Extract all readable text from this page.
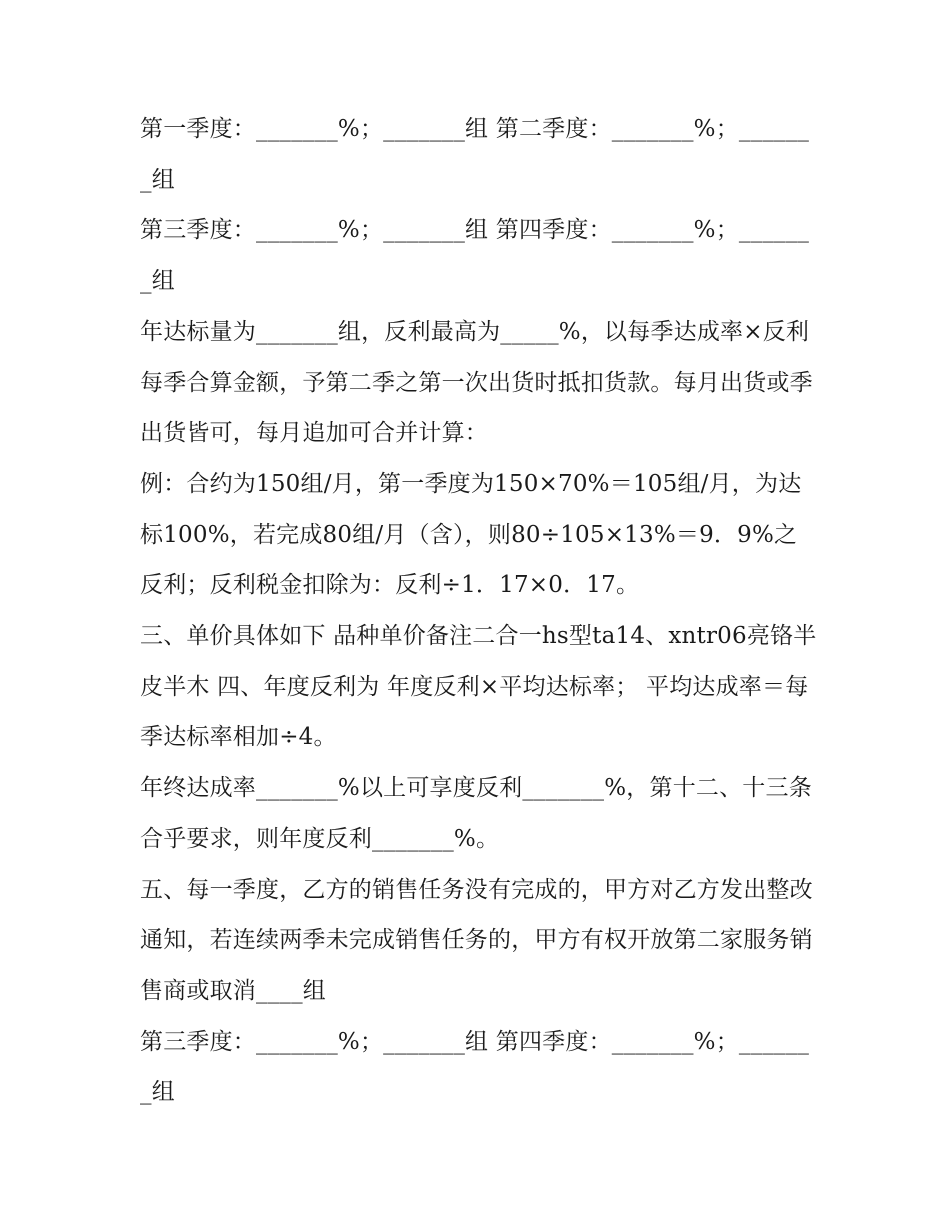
第一季度：_______%；_______组 第二季度：_______%；_______组

第三季度：_______%；_______组 第四季度：_______%；_______组

年达标量为_______组，反利最高为_____%，以每季达成率×反利每季合算金额，予第二季之第一次出货时抵扣货款。每月出货或季出货皆可，每月追加可合并计算：

例：合约为150组/月，第一季度为150×70%＝105组/月，为达标100%，若完成80组/月（含），则80÷105×13%＝9．9%之反利；反利税金扣除为：反利÷1．17×0．17。

三、单价具体如下 品种单价备注二合一hs型ta14、xntr06亮铬半皮半木 四、年度反利为 年度反利×平均达标率； 平均达成率＝每季达标率相加÷4。

年终达成率_______%以上可享度反利_______%，第十二、十三条合乎要求，则年度反利_______%。

五、每一季度，乙方的销售任务没有完成的，甲方对乙方发出整改通知，若连续两季未完成销售任务的，甲方有权开放第二家服务销售商或取消____组

第三季度：_______%；_______组 第四季度：_______%；_______组
